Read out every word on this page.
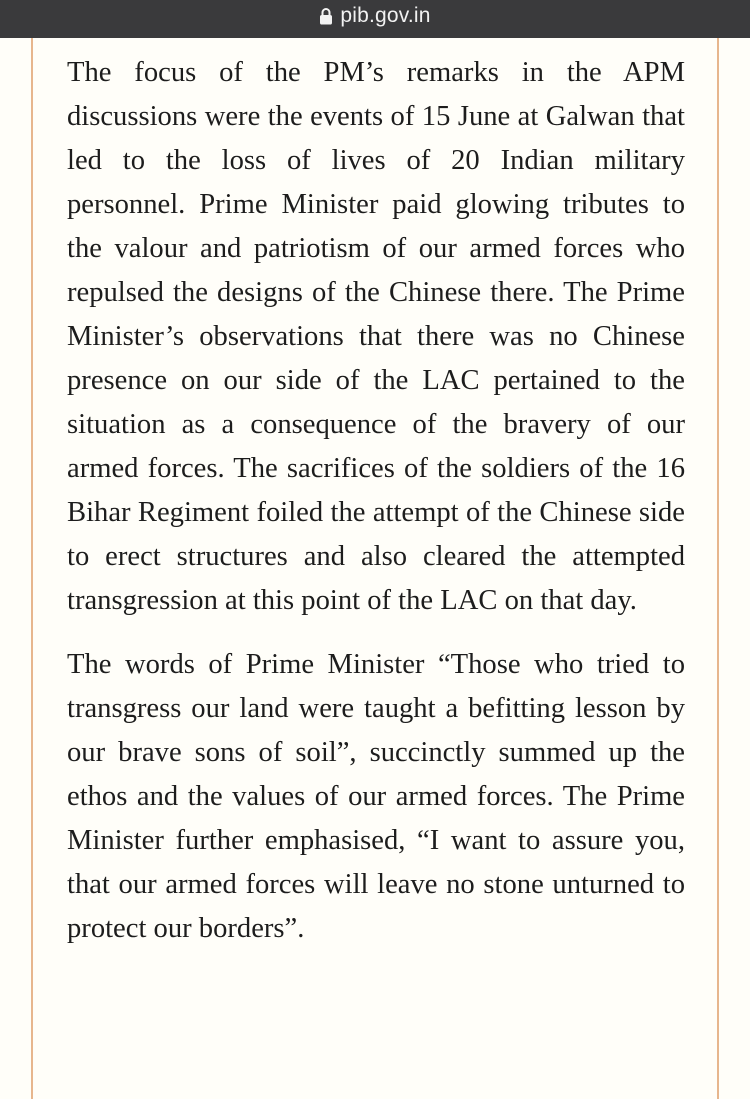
pib.gov.in

The focus of the PM’s remarks in the APM discussions were the events of 15 June at Galwan that led to the loss of lives of 20 Indian military personnel. Prime Minister paid glowing tributes to the valour and patriotism of our armed forces who repulsed the designs of the Chinese there. The Prime Minister’s observations that there was no Chinese presence on our side of the LAC pertained to the situation as a consequence of the bravery of our armed forces. The sacrifices of the soldiers of the 16 Bihar Regiment foiled the attempt of the Chinese side to erect structures and also cleared the attempted transgression at this point of the LAC on that day.

The words of Prime Minister “Those who tried to transgress our land were taught a befitting lesson by our brave sons of soil”, succinctly summed up the ethos and the values of our armed forces. The Prime Minister further emphasised, “I want to assure you, that our armed forces will leave no stone unturned to protect our borders”.
